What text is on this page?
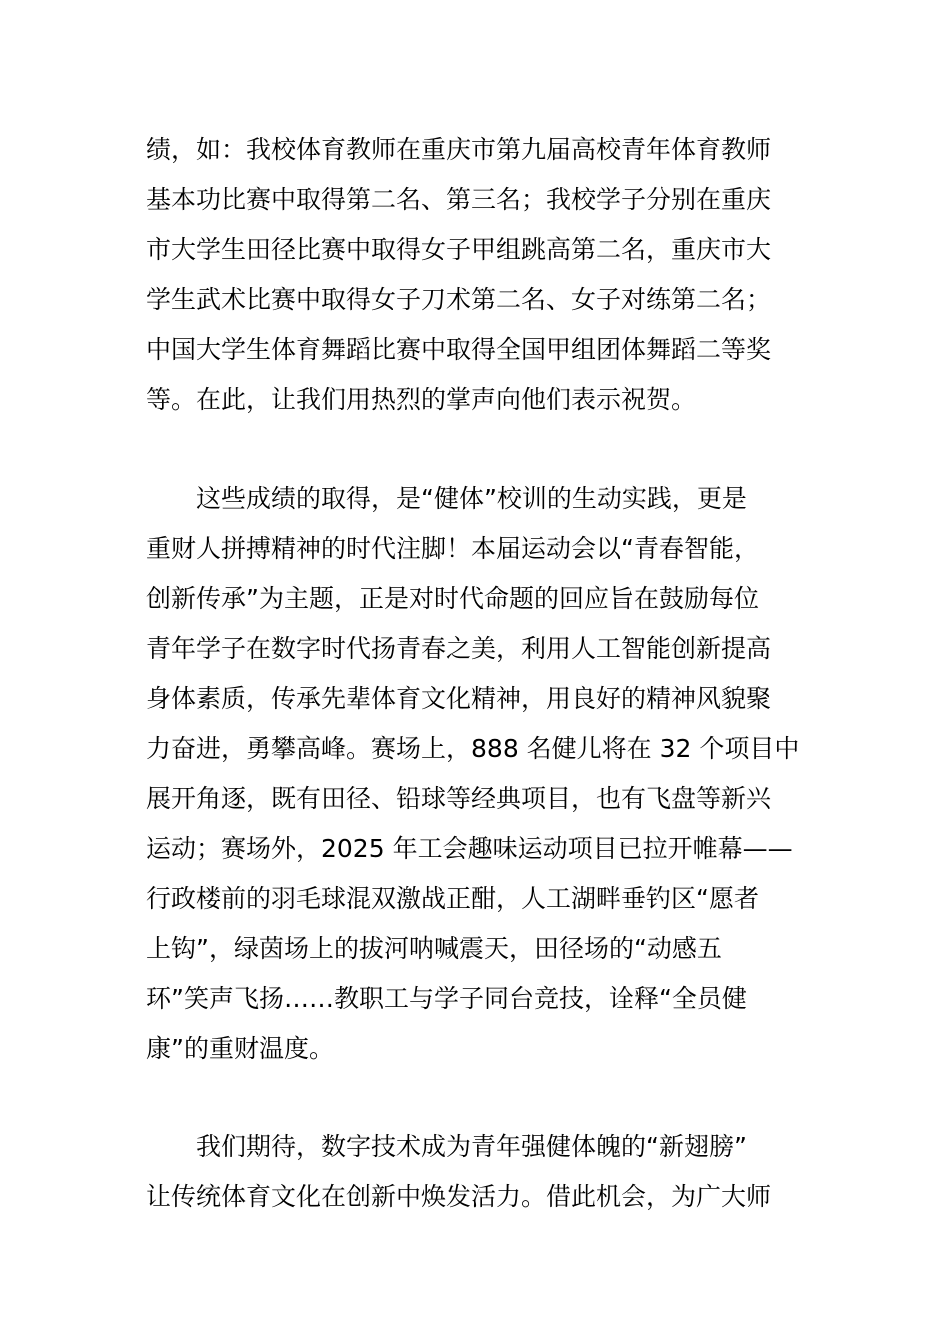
绩，如：我校体育教师在重庆市第九届高校青年体育教师
基本功比赛中取得第二名、第三名；我校学子分别在重庆
市大学生田径比赛中取得女子甲组跳高第二名，重庆市大
学生武术比赛中取得女子刀术第二名、女子对练第二名；
中国大学生体育舞蹈比赛中取得全国甲组团体舞蹈二等奖
等。在此，让我们用热烈的掌声向他们表示祝贺。
　　这些成绩的取得，是“健体”校训的生动实践，更是
重财人拼搏精神的时代注脚！本届运动会以“青春智能，
创新传承”为主题，正是对时代命题的回应旨在鼓励每位
青年学子在数字时代扬青春之美，利用人工智能创新提高
身体素质，传承先辈体育文化精神，用良好的精神风貌聚
力奋进，勇攀高峰。赛场上，888 名健儿将在 32 个项目中
展开角逐，既有田径、铅球等经典项目，也有飞盘等新兴
运动；赛场外，2025 年工会趣味运动项目已拉开帷幕——
行政楼前的羽毛球混双激战正酣，人工湖畔垂钓区“愿者
上钩”，绿茵场上的拔河呐喊震天，田径场的“动感五
环”笑声飞扬……教职工与学子同台竞技，诠释“全员健
康”的重财温度。
　　我们期待，数字技术成为青年强健体魄的“新翅膀”
让传统体育文化在创新中焕发活力。借此机会，为广大师
